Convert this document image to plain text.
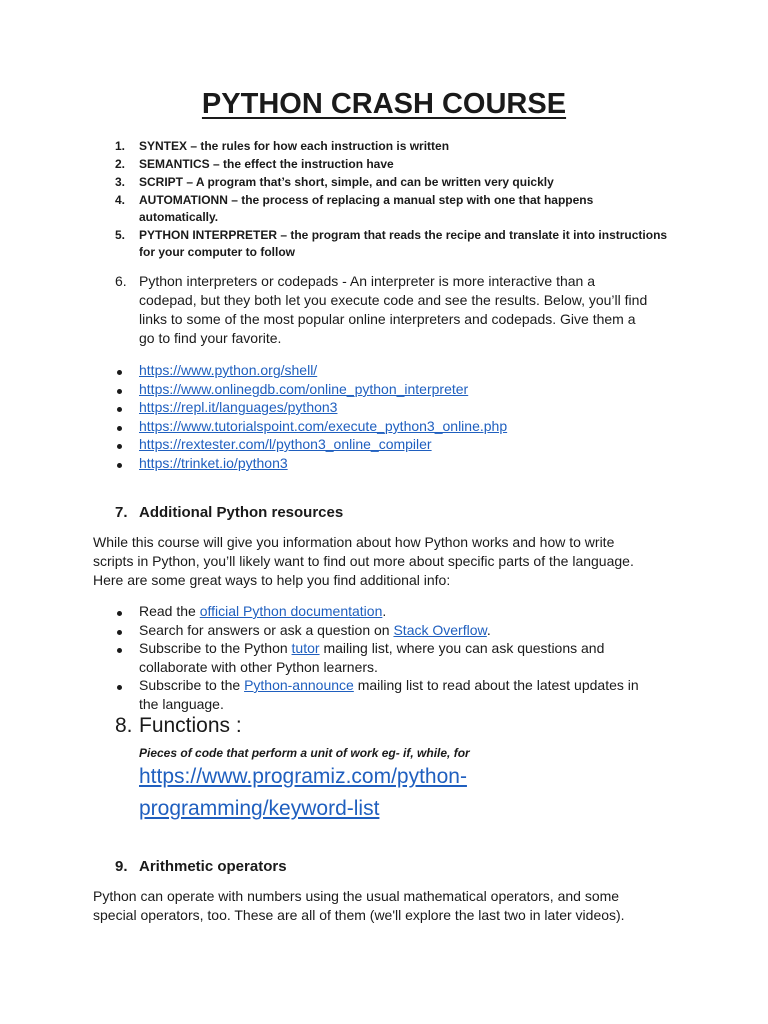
PYTHON CRASH COURSE
1. SYNTEX – the rules for how each instruction is written
2. SEMANTICS – the effect the instruction have
3. SCRIPT – A program that’s short, simple, and can be written very quickly
4. AUTOMATIONN – the process of replacing a manual step with one that happens
automatically.
5. PYTHON INTERPRETER – the program that reads the recipe and translate it into instructions
for your computer to follow
6. Python interpreters or codepads - An interpreter is more interactive than a
codepad, but they both let you execute code and see the results. Below, you’ll find
links to some of the most popular online interpreters and codepads. Give them a
go to find your favorite.
https://www.python.org/shell/
https://www.onlinegdb.com/online_python_interpreter
https://repl.it/languages/python3
https://www.tutorialspoint.com/execute_python3_online.php
https://rextester.com/l/python3_online_compiler
https://trinket.io/python3
7. Additional Python resources
While this course will give you information about how Python works and how to write
scripts in Python, you’ll likely want to find out more about specific parts of the language.
Here are some great ways to help you find additional info:
Read the official Python documentation.
Search for answers or ask a question on Stack Overflow.
Subscribe to the Python tutor mailing list, where you can ask questions and
collaborate with other Python learners.
Subscribe to the Python-announce mailing list to read about the latest updates in
the language.
8. Functions :
Pieces of code that perform a unit of work eg- if, while, for
https://www.programiz.com/python-
programming/keyword-list
9. Arithmetic operators
Python can operate with numbers using the usual mathematical operators, and some
special operators, too. These are all of them (we'll explore the last two in later videos).
